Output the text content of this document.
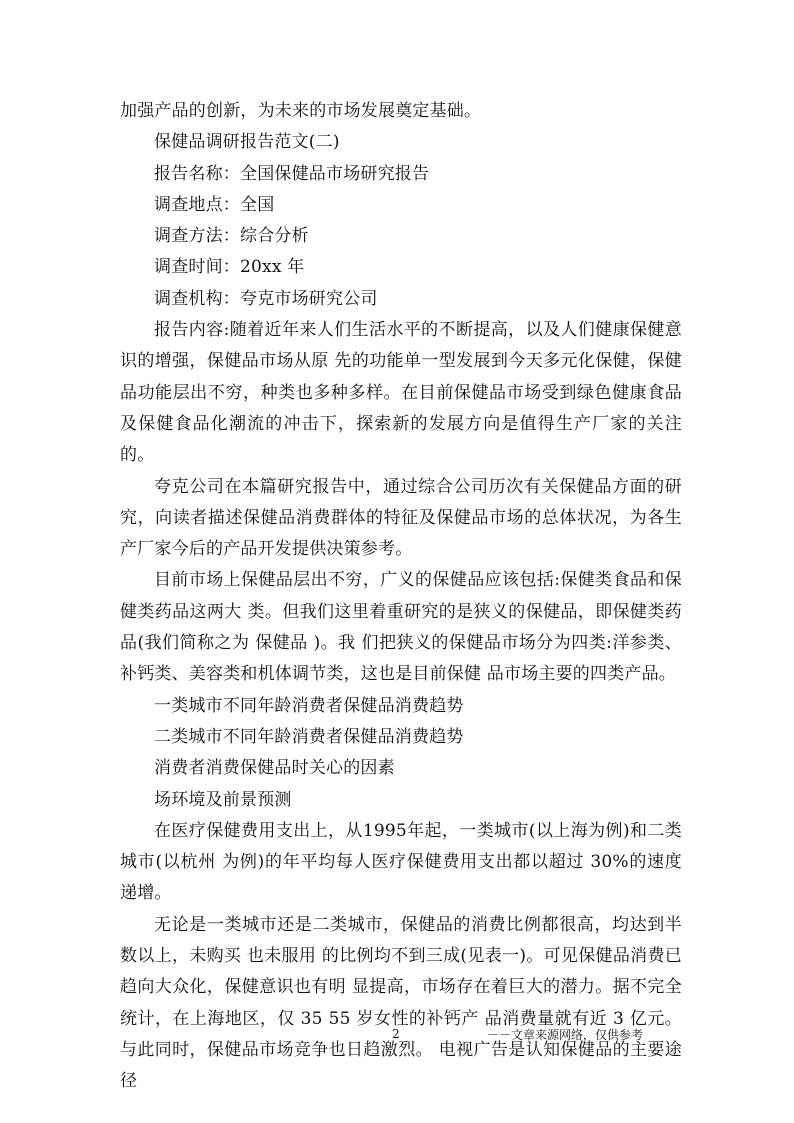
加强产品的创新，为未来的市场发展奠定基础。

保健品调研报告范文(二)

报告名称：全国保健品市场研究报告

调查地点：全国

调查方法：综合分析

调查时间：20xx 年

调查机构：夸克市场研究公司

报告内容:随着近年来人们生活水平的不断提高，以及人们健康保健意识的增强，保健品市场从原 先的功能单一型发展到今天多元化保健，保健品功能层出不穷，种类也多种多样。在目前保健品市场受到绿色健康食品及保健食品化潮流的冲击下，探索新的发展方向是值得生产厂家的关注的。

夸克公司在本篇研究报告中，通过综合公司历次有关保健品方面的研究，向读者描述保健品消费群体的特征及保健品市场的总体状况，为各生产厂家今后的产品开发提供决策参考。

目前市场上保健品层出不穷，广义的保健品应该包括:保健类食品和保健类药品这两大 类。但我们这里着重研究的是狭义的保健品，即保健类药品(我们简称之为 保健品 )。我 们把狭义的保健品市场分为四类:洋参类、补钙类、美容类和机体调节类，这也是目前保健 品市场主要的四类产品。

一类城市不同年龄消费者保健品消费趋势

二类城市不同年龄消费者保健品消费趋势

消费者消费保健品时关心的因素

场环境及前景预测

在医疗保健费用支出上，从1995年起，一类城市(以上海为例)和二类城市(以杭州 为例)的年平均每人医疗保健费用支出都以超过 30%的速度递增。

无论是一类城市还是二类城市，保健品的消费比例都很高，均达到半数以上，未购买 也未服用 的比例均不到三成(见表一)。可见保健品消费已趋向大众化，保健意识也有明 显提高，市场存在着巨大的潜力。据不完全统计，在上海地区，仅 35 55 岁女性的补钙产 品消费量就有近 3 亿元。与此同时，保健品市场竞争也日趋激烈。 电视广告是认知保健品的主要途径

2	－－文章来源网络，仅供参考
